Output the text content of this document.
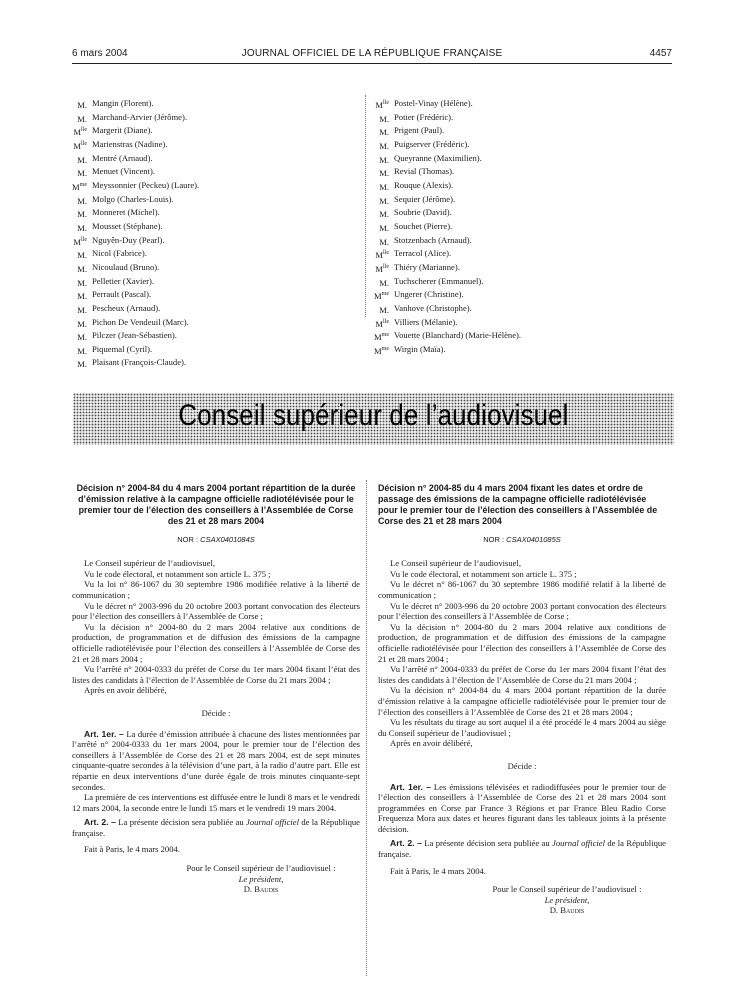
6 mars 2004	JOURNAL OFFICIEL DE LA RÉPUBLIQUE FRANÇAISE	4457
M. Mangin (Florent).
M. Marchand-Arvier (Jérôme).
$M^{lle}$ Margerit (Diane).
$M^{lle}$ Marienstras (Nadine).
M. Mentré (Arnaud).
M. Menuet (Vincent).
$M^{me}$ Meyssonnier (Peckeu) (Laure).
M. Molgo (Charles-Louis).
M. Monneret (Michel).
M. Mousset (Stéphane).
$M^{lle}$ Nguyên-Duy (Pearl).
M. Nicol (Fabrice).
M. Nicoulaud (Bruno).
M. Pelletier (Xavier).
M. Perrault (Pascal).
M. Pescheux (Arnaud).
M. Pichon De Vendeuil (Marc).
M. Pilczer (Jean-Sébastien).
M. Piquemal (Cyril).
M. Plaisant (François-Claude).
$M^{lle}$ Postel-Vinay (Hélène).
M. Potier (Frédéric).
M. Prigent (Paul).
M. Puigserver (Frédéric).
M. Queyranne (Maximilien).
M. Revial (Thomas).
M. Rouque (Alexis).
M. Sequier (Jérôme).
M. Soubrie (David).
M. Souchet (Pierre).
M. Stotzenbach (Arnaud).
$M^{lle}$ Terracol (Alice).
$M^{lle}$ Thiéry (Marianne).
M. Tuchscherer (Emmanuel).
$M^{me}$ Ungerer (Christine).
M. Vanhove (Christophe).
$M^{lle}$ Villiers (Mélanie).
$M^{me}$ Vouette (Blanchard) (Marie-Hélène).
$M^{me}$ Wirgin (Maïa).
Conseil supérieur de l’audiovisuel
Décision n° 2004-84 du 4 mars 2004 portant répartition de la durée d’émission relative à la campagne officielle radiotélévisée pour le premier tour de l’élection des conseillers à l’Assemblée de Corse des 21 et 28 mars 2004
NOR : CSAX0401084S

Le Conseil supérieur de l’audiovisuel,

Vu le code électoral, et notamment son article L. 375 ;

Vu la loi n° 86-1067 du 30 septembre 1986 modifiée relative à la liberté de communication ;

Vu le décret n° 2003-996 du 20 octobre 2003 portant convocation des électeurs pour l’élection des conseillers à l’Assemblée de Corse ;

Vu la décision n° 2004-80 du 2 mars 2004 relative aux conditions de production, de programmation et de diffusion des émissions de la campagne officielle radiotélévisée pour l’élection des conseillers à l’Assemblée de Corse des 21 et 28 mars 2004 ;

Vu l’arrêté n° 2004-0333 du préfet de Corse du 1er mars 2004 fixant l’état des listes des candidats à l’élection de l’Assemblée de Corse du 21 mars 2004 ;

Après en avoir délibéré,

Décide :

Art. 1er. – La durée d’émission attribuée à chacune des listes mentionnées par l’arrêté n° 2004-0333 du 1er mars 2004, pour le premier tour de l’élection des conseillers à l’Assemblée de Corse des 21 et 28 mars 2004, est de sept minutes cinquante-quatre secondes à la télévision d’une part, à la radio d’autre part. Elle est répartie en deux interventions d’une durée égale de trois minutes cinquante-sept secondes.

La première de ces interventions est diffusée entre le lundi 8 mars et le vendredi 12 mars 2004, la seconde entre le lundi 15 mars et le vendredi 19 mars 2004.

Art. 2. – La présente décision sera publiée au Journal officiel de la République française.

Fait à Paris, le 4 mars 2004.

Pour le Conseil supérieur de l’audiovisuel :
Le président,
D. Baudis
Décision n° 2004-85 du 4 mars 2004 fixant les dates et ordre de passage des émissions de la campagne officielle radiotélévisée pour le premier tour de l’élection des conseillers à l’Assemblée de Corse des 21 et 28 mars 2004
NOR : CSAX0401085S

Le Conseil supérieur de l’audiovisuel,

Vu le code électoral, et notamment son article L. 375 ;

Vu le décret n° 86-1067 du 30 septembre 1986 modifié relatif à la liberté de communication ;

Vu le décret n° 2003-996 du 20 octobre 2003 portant convocation des électeurs pour l’élection des conseillers à l’Assemblée de Corse ;

Vu la décision n° 2004-80 du 2 mars 2004 relative aux conditions de production, de programmation et de diffusion des émissions de la campagne officielle radiotélévisée pour l’élection des conseillers à l’Assemblée de Corse des 21 et 28 mars 2004 ;

Vu l’arrêté n° 2004-0333 du préfet de Corse du 1er mars 2004 fixant l’état des listes des candidats à l’élection de l’Assemblée de Corse du 21 mars 2004 ;

Vu la décision n° 2004-84 du 4 mars 2004 portant répartition de la durée d’émission relative à la campagne officielle radiotélévisée pour le premier tour de l’élection des conseillers à l’Assemblée de Corse des 21 et 28 mars 2004 ;

Vu les résultats du tirage au sort auquel il a été procédé le 4 mars 2004 au siège du Conseil supérieur de l’audiovisuel ;

Après en avoir délibéré,

Décide :

Art. 1er. – Les émissions télévisées et radiodiffusées pour le premier tour de l’élection des conseillers à l’Assemblée de Corse des 21 et 28 mars 2004 sont programmées en Corse par France 3 Régions et par France Bleu Radio Corse Frequenza Mora aux dates et heures figurant dans les tableaux joints à la présente décision.

Art. 2. – La présente décision sera publiée au Journal officiel de la République française.

Fait à Paris, le 4 mars 2004.

Pour le Conseil supérieur de l’audiovisuel :
Le président,
D. Baudis
